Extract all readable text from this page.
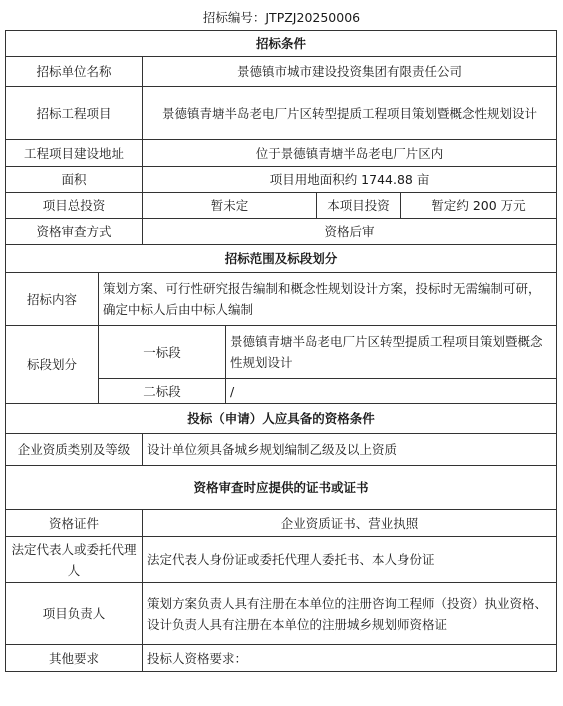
招标编号：JTPZJ20250006
招标条件					
招标单位名称		景德镇市城市建设投资集团有限责任公司			
招标工程项目		景德镇青塘半岛老电厂片区转型提质工程项目策划暨概念性规划设计			
工程项目建设地址		位于景德镇青塘半岛老电厂片区内			
面积		项目用地面积约 1744.88 亩			
项目总投资		暂未定		本项目投资	暂定约 200 万元
资格审查方式		资格后审			
招标范围及标段划分					
招标内容	策划方案、可行性研究报告编制和概念性规划设计方案，投标时无需编制可研，确定中标人后由中标人编制				
标段划分	一标段		景德镇青塘半岛老电厂片区转型提质工程项目策划暨概念性规划设计		
	二标段		/		
投标（申请）人应具备的资格条件					
企业资质类别及等级		设计单位须具备城乡规划编制乙级及以上资质			
资格审查时应提供的证书或证书					
资格证件		企业资质证书、营业执照			
法定代表人或委托代理人		法定代表人身份证或委托代理人委托书、本人身份证			
项目负责人		策划方案负责人具有注册在本单位的注册咨询工程师（投资）执业资格、设计负责人具有注册在本单位的注册城乡规划师资格证			
其他要求		投标人资格要求：			
